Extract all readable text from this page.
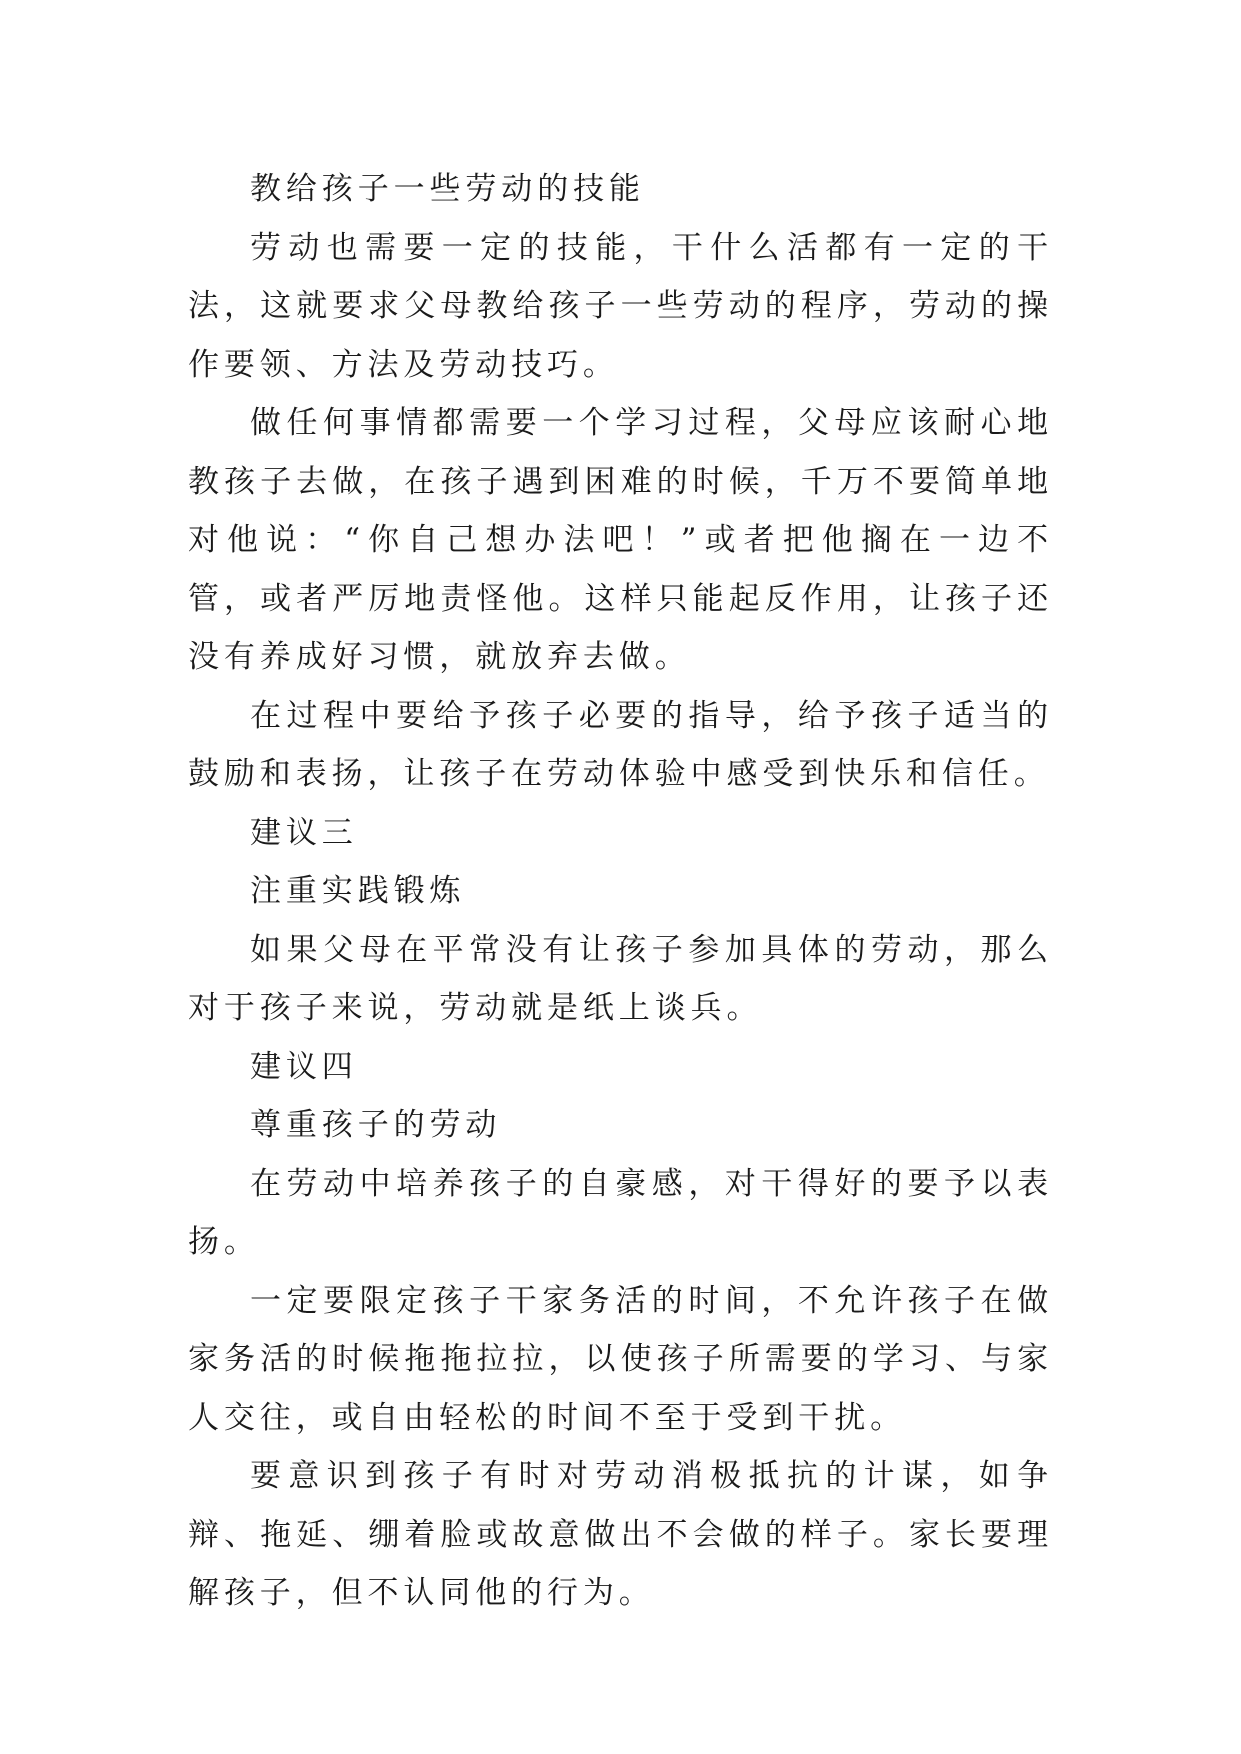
教给孩子一些劳动的技能

劳动也需要一定的技能，干什么活都有一定的干法，这就要求父母教给孩子一些劳动的程序，劳动的操作要领、方法及劳动技巧。

做任何事情都需要一个学习过程，父母应该耐心地教孩子去做，在孩子遇到困难的时候，千万不要简单地对他说：“你自己想办法吧！”或者把他搁在一边不管，或者严厉地责怪他。这样只能起反作用，让孩子还没有养成好习惯，就放弃去做。

在过程中要给予孩子必要的指导，给予孩子适当的鼓励和表扬，让孩子在劳动体验中感受到快乐和信任。

建议三

注重实践锻炼

如果父母在平常没有让孩子参加具体的劳动，那么对于孩子来说，劳动就是纸上谈兵。

建议四

尊重孩子的劳动

在劳动中培养孩子的自豪感，对干得好的要予以表扬。

一定要限定孩子干家务活的时间，不允许孩子在做家务活的时候拖拖拉拉，以使孩子所需要的学习、与家人交往，或自由轻松的时间不至于受到干扰。

要意识到孩子有时对劳动消极抵抗的计谋，如争辩、拖延、绷着脸或故意做出不会做的样子。家长要理解孩子，但不认同他的行为。
